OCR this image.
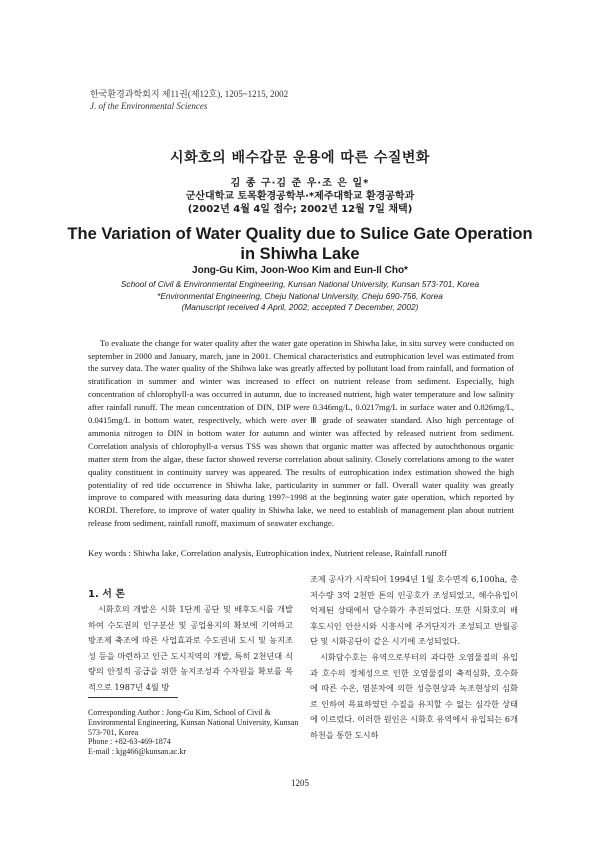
한국환경과학회지 제11권(제12호), 1205~1215, 2002
J. of the Environmental Sciences
시화호의 배수갑문 운용에 따른 수질변화
김 종 구·김 준 우·조 은 일*
군산대학교 토목환경공학부·*제주대학교 환경공학과
(2002년 4월 4일 접수; 2002년 12월 7일 채택)
The Variation of Water Quality due to Sulice Gate Operation in Shiwha Lake
Jong-Gu Kim, Joon-Woo Kim and Eun-Il Cho*
School of Civil & Environmental Engineering, Kunsan National University, Kunsan 573-701, Korea
*Environmental Engineering, Cheju National University, Cheju 690-756, Korea
(Manuscript received 4 April, 2002; accepted 7 December, 2002)

To evaluate the change for water quality after the water gate operation in Shiwha lake, in situ survey were conducted on september in 2000 and January, march, jane in 2001. Chemical characteristics and eutrophication level was estimated from the survey data. The water quality of the Shihwa lake was greatly affected by pollutant load from rainfall, and formation of stratification in summer and winter was increased to effect on nutrient release from sediment. Especially, high concentration of chlorophyll-a was occurred in autumn, due to increased nutrient, high water temperature and low salinity after rainfall runoff. The mean concentration of DIN, DIP were 0.346mg/L, 0.0217mg/L in surface water and 0.826mg/L, 0.0415mg/L in bottom water, respectively, which were over Ⅲ grade of seawater standard. Also high percentage of ammonia nitrogen to DIN in bottom water for autumn and winter was affected by released nutrient from sediment. Correlation analysis of chlorophyll-a versus TSS was shown that organic matter was affected by autochthonous organic matter stem from the algae, these factor showed reverse correlation about salinity. Closely correlations among to the water quality constituent in continuity survey was appeared. The results of eutrophication index estimation showed the high potentiality of red tide occurrence in Shiwha lake, particularity in summer or fall. Overall water quality was greatly improve to compared with measuring data during 1997~1998 at the beginning water gate operation, which reported by KORDI. Therefore, to improve of water quality in Shiwha lake, we need to establish of management plan about nutrient release from sediment, rainfall runoff, maximum of seawater exchange.

Key words : Shiwha lake, Correlation analysis, Eutrophication index, Nutrient release, Rainfall runoff
1. 서 론

시화호의 개발은 시화 1단계 공단 및 배후도시를 개발하여 수도권의 인구분산 및 공업용지의 확보에 기여하고 방조제 축조에 따른 사업효과로 수도권내 도시 및 농지조성 등을 마련하고 인근 도시지역의 개발, 특히 2천년대 식량의 안정적 공급을 위한 농지조성과 수자원을 확보를 목적으로 1987년 4월 방

조제 공사가 시작되어 1994년 1월 호수면적 6,100ha, 총저수량 3억 2천만 톤의 인공호가 조성되었고, 해수유입이 억제된 상태에서 담수화가 추진되었다. 또한 시화호의 배후도시인 안산시와 시흥시에 주거단지가 조성되고 반월공단 및 시화공단이 같은 시기에 조성되었다.

시화담수호는 유역으로부터의 과다한 오염물질의 유입과 호수의 정체성으로 인한 오염물질의 축적심화, 호수화에 따른 수온, 염분차에 의한 성층현상과 녹조현상의 심화로 인하여 목표하였던 수질을 유지할 수 없는 심각한 상태에 이르렀다. 이러한 원인은 시화호 유역에서 유입되는 6개 하천을 통한 도시하

Corresponding Author : Jong-Gu Kim, School of Civil & Environmental Engineering, Kunsan National University, Kunsan 573-701, Korea
Phone : +82-63-469-1874
E-mail : kjg466@kunsan.ac.kr
1205
